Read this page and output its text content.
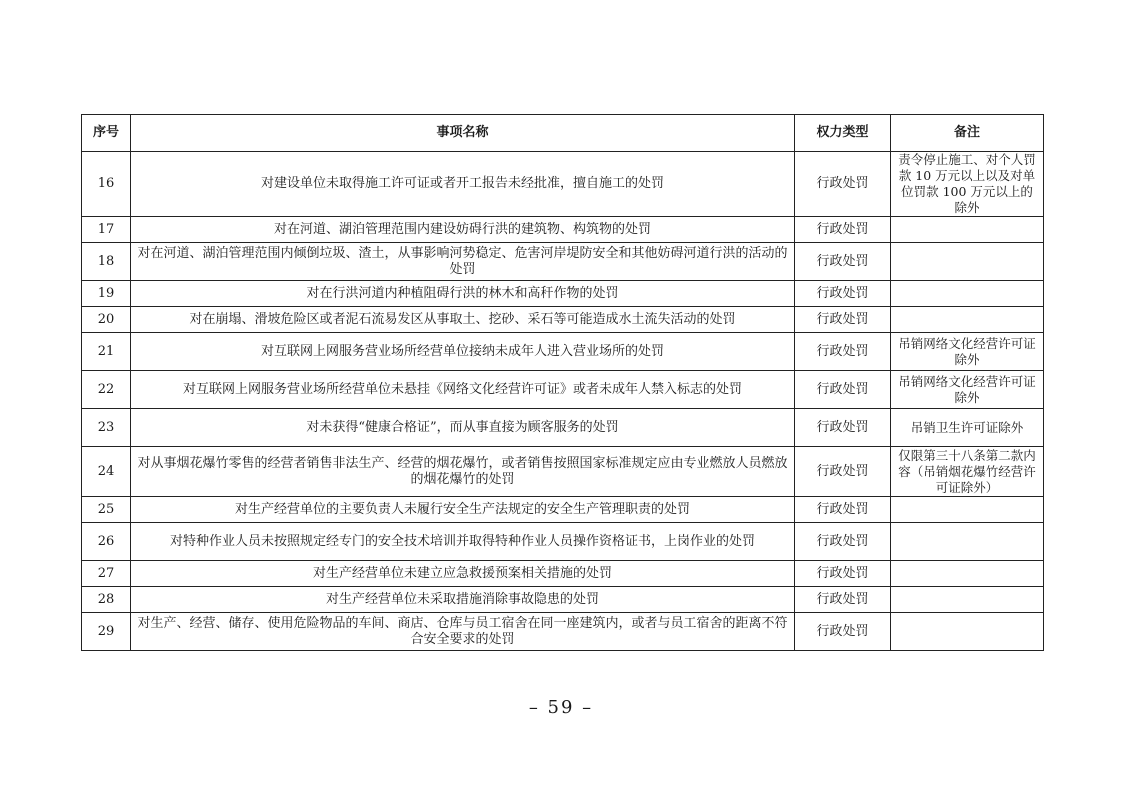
序号	事项名称	权力类型	备注
16	对建设单位未取得施工许可证或者开工报告未经批准，擅自施工的处罚	行政处罚	责令停止施工、对个人罚款 10 万元以上以及对单位罚款 100 万元以上的除外
17	对在河道、湖泊管理范围内建设妨碍行洪的建筑物、构筑物的处罚	行政处罚	
18	对在河道、湖泊管理范围内倾倒垃圾、渣土，从事影响河势稳定、危害河岸堤防安全和其他妨碍河道行洪的活动的处罚	行政处罚	
19	对在行洪河道内种植阻碍行洪的林木和高秆作物的处罚	行政处罚	
20	对在崩塌、滑坡危险区或者泥石流易发区从事取土、挖砂、采石等可能造成水土流失活动的处罚	行政处罚	
21	对互联网上网服务营业场所经营单位接纳未成年人进入营业场所的处罚	行政处罚	吊销网络文化经营许可证除外
22	对互联网上网服务营业场所经营单位未悬挂《网络文化经营许可证》或者未成年人禁入标志的处罚	行政处罚	吊销网络文化经营许可证除外
23	对未获得“健康合格证”，而从事直接为顾客服务的处罚	行政处罚	吊销卫生许可证除外
24	对从事烟花爆竹零售的经营者销售非法生产、经营的烟花爆竹，或者销售按照国家标准规定应由专业燃放人员燃放的烟花爆竹的处罚	行政处罚	仅限第三十八条第二款内容（吊销烟花爆竹经营许可证除外）
25	对生产经营单位的主要负责人未履行安全生产法规定的安全生产管理职责的处罚	行政处罚	
26	对特种作业人员未按照规定经专门的安全技术培训并取得特种作业人员操作资格证书，上岗作业的处罚	行政处罚	
27	对生产经营单位未建立应急救援预案相关措施的处罚	行政处罚	
28	对生产经营单位未采取措施消除事故隐患的处罚	行政处罚	
29	对生产、经营、储存、使用危险物品的车间、商店、仓库与员工宿舍在同一座建筑内，或者与员工宿舍的距离不符合安全要求的处罚	行政处罚	
– 59 –
